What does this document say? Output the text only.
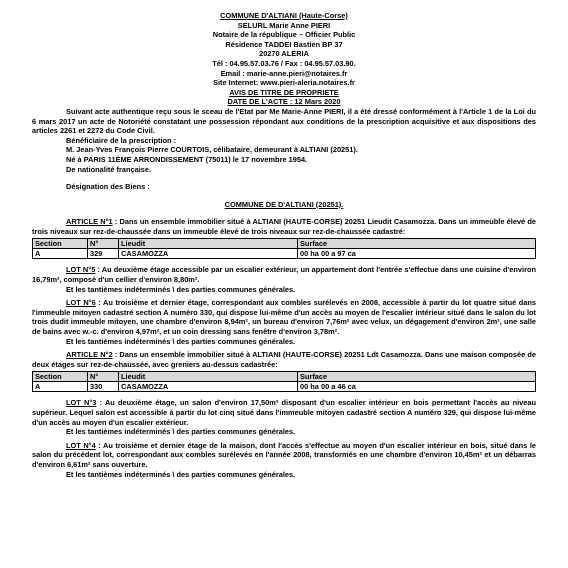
COMMUNE D'ALTIANI (Haute-Corse)
SELURL Marie Anne PIERI
Notaire de la république – Officier Public
Résidence TADDEI Bastien BP 37
20270 ALERIA
Tél : 04.95.57.03.76 / Fax : 04.95.57.03.90.
Email : marie-anne.pieri@notaires.fr
Site Internet: www.pieri-aleria.notaires.fr
AVIS DE TITRE DE PROPRIETE
DATE DE L'ACTE : 12 Mars 2020

Suivant acte authentique reçu sous le sceau de l'Etat par Me Marie-Anne PIERI, il a été dressé conformément à l'Article 1 de la Loi du 6 mars 2017 un acte de Notoriété constatant une possession répondant aux conditions de la prescription acquisitive et aux dispositions des articles 2261 et 2272 du Code Civil.

Bénéficiaire de la prescription :

M. Jean-Yves François Pierre COURTOIS, célibataire, demeurant à ALTIANI (20251).

Né à PARIS 11ÈME ARRONDISSEMENT (75011) le 17 novembre 1954.

De nationalité française.

Désignation des Biens :

COMMUNE DE D'ALTIANI (20251).

ARTICLE N°1 : Dans un ensemble immobilier situé à ALTIANI (HAUTE-CORSE) 20251 Lieudit Casamozza. Dans un immeuble élevé de trois niveaux sur rez-de-chaussée dans un immeuble élevé de trois niveaux sur rez-de-chaussée cadastré:

Section	N°	Lieudit	Surface
A	329	CASAMOZZA	00 ha 00 a 97 ca

LOT N°5 : Au deuxième étage accessible par un escalier extérieur, un appartement dont l'entrée s'effectue dans une cuisine d'environ 16,79m², composé d'un cellier d'environ 8,80m².

Et les tantièmes indéterminés \ des parties communes générales.

LOT N°6 : Au troisième et dernier étage, correspondant aux combles surélevés en 2008, accessible à partir du lot quatre situé dans l'immeuble mitoyen cadastré section A numéro 330, qui dispose lui-même d'un accès au moyen de l'escalier intérieur situé dans le salon du lot trois dudit immeuble mitoyen, une chambre d'environ 8,94m², un bureau d'environ 7,76m² avec velux, un dégagement d'environ 2m², une salle de bains avec w.-c. d'environ 4,97m², et un coin dressing sans fenêtre d'environ 3,78m².

Et les tantièmes indéterminés \ des parties communes générales.

ARTICLE N°2 : Dans un ensemble immobilier situé à ALTIANI (HAUTE-CORSE) 20251 Ldt Casamozza. Dans une maison composée de deux étages sur rez-de-chaussée, avec greniers au-dessus cadastrée:

Section	N°	Lieudit	Surface
A	330	CASAMOZZA	00 ha 00 a 46 ca

LOT N°3 : Au deuxième étage, un salon d'environ 17,50m² disposant d'un escalier intérieur en bois permettant l'accès au niveau supérieur. Lequel salon est accessible à partir du lot cinq situé dans l'immeuble mitoyen cadastré section A numéro 329, qui dispose lui-même d'un accès au moyen d'un escalier extérieur.

Et les tantièmes indéterminés \ des parties communes générales.

LOT N°4 : Au troisième et dernier étage de la maison, dont l'accès s'effectue au moyen d'un escalier intérieur en bois, situé dans le salon du précédent lot, correspondant aux combles surélevés en l'année 2008, transformés en une chambre d'environ 10,45m² et un débarras d'environ 6,61m² sans ouverture.

Et les tantièmes indéterminés \ des parties communes générales.
